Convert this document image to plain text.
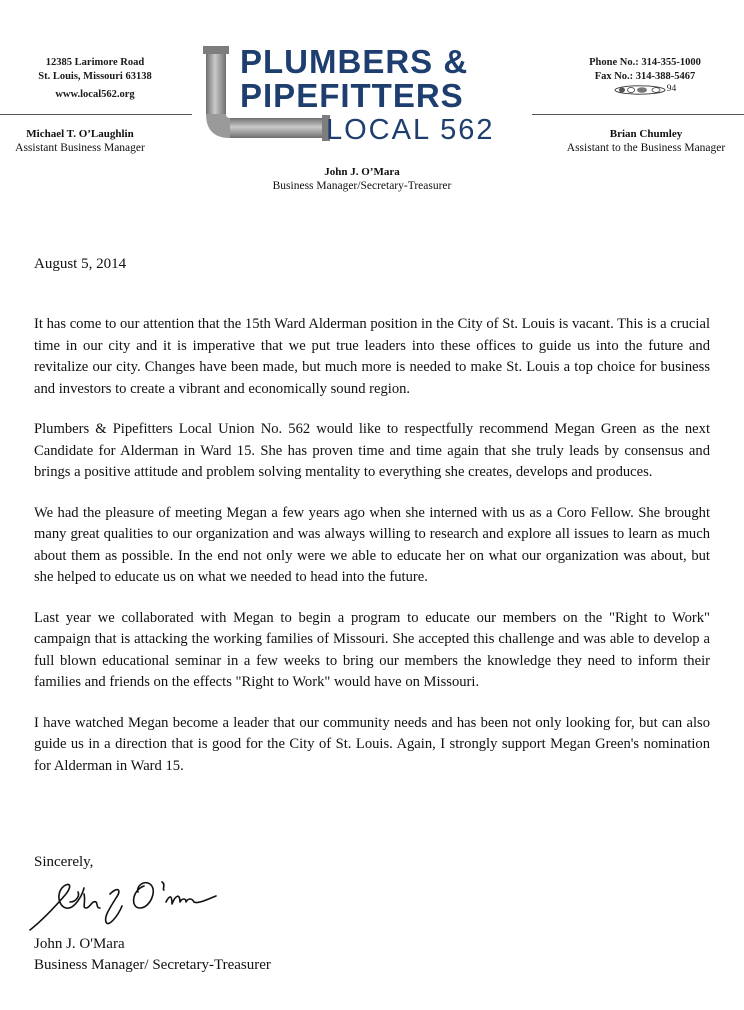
12385 Larimore Road
St. Louis, Missouri 63138
www.local562.org
Phone No.: 314-355-1000
Fax No.: 314-388-5467
94
PLUMBERS &
PIPEFITTERS
LOCAL 562
Michael T. O’Laughlin
Assistant Business Manager
Brian Chumley
Assistant to the Business Manager
John J. O’Mara
Business Manager/Secretary-Treasurer
August 5, 2014

It has come to our attention that the 15th Ward Alderman position in the City of St. Louis is vacant. This is a crucial time in our city and it is imperative that we put true leaders into these offices to guide us into the future and revitalize our city. Changes have been made, but much more is needed to make St. Louis a top choice for business and investors to create a vibrant and economically sound region.

Plumbers & Pipefitters Local Union No. 562 would like to respectfully recommend Megan Green as the next Candidate for Alderman in Ward 15. She has proven time and time again that she truly leads by consensus and brings a positive attitude and problem solving mentality to everything she creates, develops and produces.

We had the pleasure of meeting Megan a few years ago when she interned with us as a Coro Fellow. She brought many great qualities to our organization and was always willing to research and explore all issues to learn as much about them as possible. In the end not only were we able to educate her on what our organization was about, but she helped to educate us on what we needed to head into the future.

Last year we collaborated with Megan to begin a program to educate our members on the "Right to Work" campaign that is attacking the working families of Missouri. She accepted this challenge and was able to develop a full blown educational seminar in a few weeks to bring our members the knowledge they need to inform their families and friends on the effects "Right to Work" would have on Missouri.

I have watched Megan become a leader that our community needs and has been not only looking for, but can also guide us in a direction that is good for the City of St. Louis. Again, I strongly support Megan Green's nomination for Alderman in Ward 15.

Sincerely,
John J. O'Mara
Business Manager/ Secretary-Treasurer
